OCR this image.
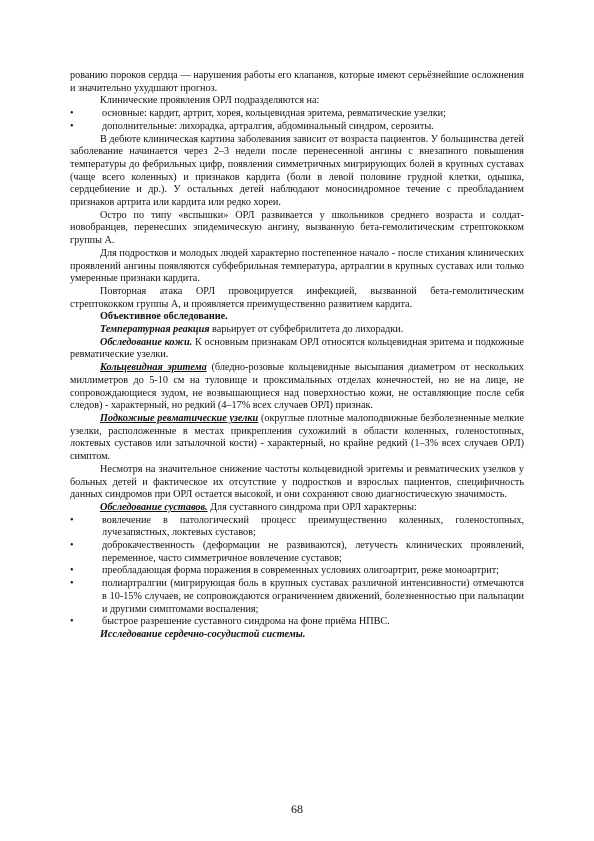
рованию пороков сердца — нарушения работы его клапанов, которые имеют серьёзнейшие осложнения и значительно ухудшают прогноз.

Клинические проявления ОРЛ подразделяются на:

•	основные: кардит, артрит, хорея, кольцевидная эритема, ревматические узелки;

•	дополнительные: лихорадка, артралгия, абдоминальный синдром, серозиты.

В дебюте клиническая картина заболевания зависит от возраста пациентов. У большинства детей заболевание начинается через 2–3 недели после перенесенной ангины с внезапного повышения температуры до фебрильных цифр, появления симметричных мигрирующих болей в крупных суставах (чаще всего коленных) и признаков кардита (боли в левой половине грудной клетки, одышка, сердцебиение и др.). У остальных детей наблюдают моносиндромное течение с преобладанием признаков артрита или кардита или редко хореи.

Остро по типу «вспышки» ОРЛ развивается у школьников среднего возраста и солдат-новобранцев, перенесших эпидемическую ангину, вызванную бета-гемолитическим стрептококком группы А.

Для подростков и молодых людей характерно постепенное начало - после стихания клинических проявлений ангины появляются субфебрильная температура, артралгии в крупных суставах или только умеренные признаки кардита.

Повторная атака ОРЛ провоцируется инфекцией, вызванной бета-гемолитическим стрептококком группы А, и проявляется преимущественно развитием кардита.

Объективное обследование.

Температурная реакция варьирует от субфебрилитета до лихорадки.

Обследование кожи. К основным признакам ОРЛ относятся кольцевидная эритема и подкожные ревматические узелки.

Кольцевидная эритема (бледно-розовые кольцевидные высыпания диаметром от нескольких миллиметров до 5-10 см на туловище и проксимальных отделах конечностей, но не на лице, не сопровождающиеся зудом, не возвышающиеся над поверхностью кожи, не оставляющие после себя следов) - характерный, но редкий (4–17% всех случаев ОРЛ) признак.

Подкожные ревматические узелки (округлые плотные малоподвижные безболезненные мелкие узелки, расположенные в местах прикрепления сухожилий в области коленных, голеностопных, локтевых суставов или затылочной кости) - характерный, но крайне редкий (1–3% всех случаев ОРЛ) симптом.

Несмотря на значительное снижение частоты кольцевидной эритемы и ревматических узелков у больных детей и фактическое их отсутствие у подростков и взрослых пациентов, специфичность данных синдромов при ОРЛ остается высокой, и они сохраняют свою диагностическую значимость.

Обследование суставов. Для суставного синдрома при ОРЛ характерны:

•	вовлечение в патологический процесс преимущественно коленных, голеностопных, лучезапястных, локтевых суставов;

•	доброкачественность (деформации не развиваются), летучесть клинических проявлений, переменное, часто симметричное вовлечение суставов;

•	преобладающая форма поражения в современных условиях олигоартрит, реже моноартрит;

•	полиартралгии (мигрирующая боль в крупных суставах различной интенсивности) отмечаются в 10-15% случаев, не сопровождаются ограничением движений, болезненностью при пальпации и другими симптомами воспаления;

•	быстрое разрешение суставного синдрома на фоне приёма НПВС.

Исследование сердечно-сосудистой системы.

68
